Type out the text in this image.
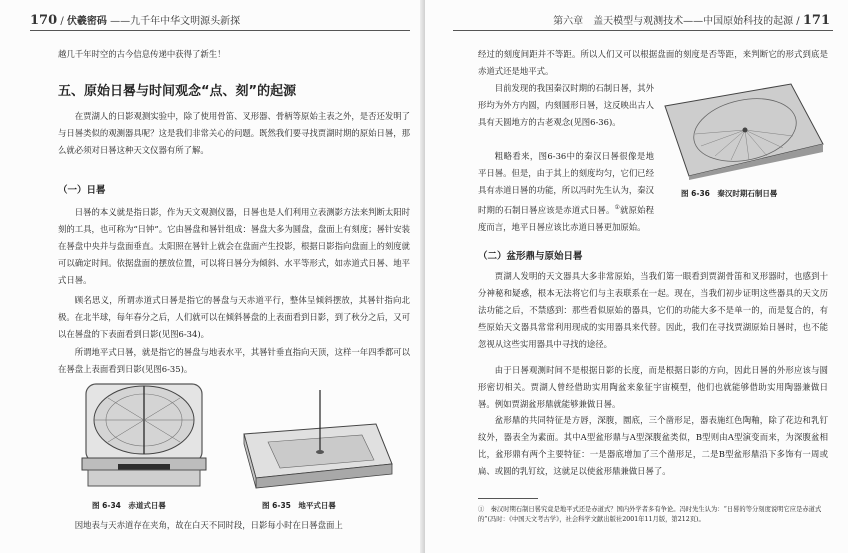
170 / 伏羲密码 ——九千年中华文明源头新探

越几千年时空的古今信息传递中获得了新生！

五、原始日晷与时间观念“点、刻”的起源

在贾湖人的日影观测实验中，除了使用骨笛、叉形器、骨柄等原始主表之外，是否还发明了与日晷类似的观测器具呢？这是我们非常关心的问题。既然我们要寻找贾湖时期的原始日晷，那么就必须对日晷这种天文仪器有所了解。

（一）日晷

日晷的本义就是指日影，作为天文观测仪器，日晷也是人们利用立表测影方法来判断太阳时刻的工具，也可称为“日钟”。它由晷盘和晷针组成：晷盘大多为圆盘，盘面上有刻度；晷针安装在晷盘中央并与盘面垂直。太阳照在晷针上就会在盘面产生投影，根据日影指向盘面上的刻度就可以确定时间。依据盘面的摆放位置，可以将日晷分为倾斜、水平等形式，如赤道式日晷、地平式日晷。

顾名思义，所谓赤道式日晷是指它的晷盘与天赤道平行，整体呈倾斜摆放，其晷针指向北极。在北半球，每年春分之后，人们就可以在倾斜晷盘的上表面看到日影，到了秋分之后，又可以在晷盘的下表面看到日影(见图6-34)。

所谓地平式日晷，就是指它的晷盘与地表水平，其晷针垂直指向天顶，这样一年四季都可以在晷盘上表面看到日影(见图6-35)。

图 6-34　赤道式日晷	图 6-35　地平式日晷

因地表与天赤道存在夹角，故在白天不同时段，日影每小时在日晷盘面上

第六章　盖天模型与观测技术——中国原始科技的起源 / 171

经过的刻度间距并不等距。所以人们又可以根据盘面的刻度是否等距，来判断它的形式到底是赤道式还是地平式。

目前发现的我国秦汉时期的石制日晷，其外形均为外方内圆，内刻圆形日晷，这反映出古人具有天圆地方的古老观念(见图6-36)。

粗略看来，图6-36中的秦汉日晷很像是地平日晷。但是，由于其上的刻度均匀，它们已经具有赤道日晷的功能，所以冯时先生认为，秦汉时期的石制日晷应该是赤道式日晷。①就原始程度而言，地平日晷应该比赤道日晷更加原始。

图 6-36　秦汉时期石制日晷
（二）盆形鼎与原始日晷

贾湖人发明的天文器具大多非常原始，当我们第一眼看到贾湖骨笛和叉形器时，也感到十分神秘和疑惑，根本无法将它们与主表联系在一起。现在，当我们初步证明这些器具的天文历法功能之后，不禁感到：那些看似原始的器具，它们的功能大多不是单一的，而是复合的，有些原始天文器具常常利用现成的实用器具来代替。因此，我们在寻找贾湖原始日晷时，也不能忽视从这些实用器具中寻找的途径。

由于日晷观测时间不是根据日影的长度，而是根据日影的方向，因此日晷的外形应该与圆形密切相关。贾湖人曾经借助实用陶盆来象征宇宙模型，他们也就能够借助实用陶器兼做日晷。例如贾湖盆形鼎就能够兼做日晷。

盆形鼎的共同特征是方唇，深腹，圜底，三个凿形足，器表施红色陶釉，除了花边和乳钉纹外，器表全为素面。其中A型盆形鼎与A型深腹盆类似，B型则由A型演变而来，为深腹盆相比，盆形鼎有两个主要特征：一是器底增加了三个凿形足，二是B型盆形鼎沿下多饰有一周或扁、或圆的乳钉纹，这就足以使盆形鼎兼做日晷了。

①　秦汉时期石制日晷究竟是地平式还是赤道式？国内外学者多有争论。冯时先生认为：“日晷的等分刻度说明它应是赤道式的”(冯时：《中国天文考古学》，社会科学文献出版社2001年11月版，第212页)。
